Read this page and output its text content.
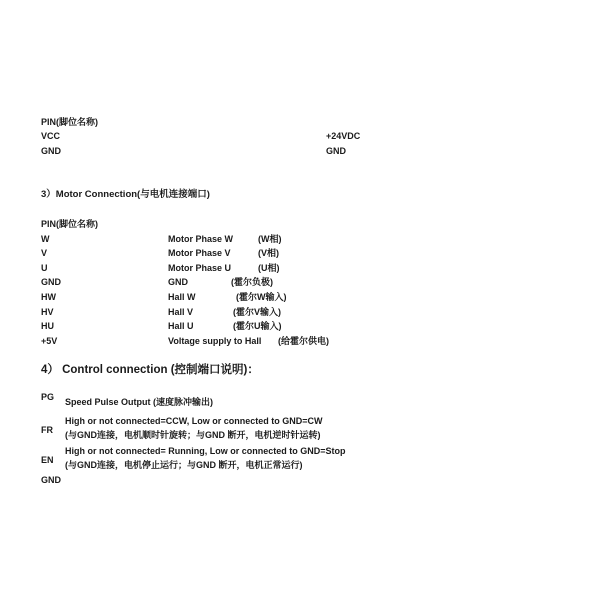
PIN(脚位名称)
VCC	+24VDC
GND	GND
3）Motor Connection(与电机连接端口)
PIN(脚位名称)
W	Motor Phase W	(W相)
V	Motor Phase V	(V相)
U	Motor Phase U	(U相)
GND	GND	(霍尔负极)
HW	Hall W	(霍尔W输入)
HV	Hall V	(霍尔V输入)
HU	Hall U	(霍尔U输入)
+5V	Voltage supply to Hall (给霍尔供电)
4） Control connection (控制端口说明)：
PG Speed Pulse Output (速度脉冲输出)
FR
High or not connected=CCW, Low or connected to GND=CW
(与GND连接，电机顺时针旋转；与GND 断开，电机逆时针运转)
EN
High or not connected= Running, Low or connected to GND=Stop
(与GND连接，电机停止运行；与GND 断开，电机正常运行)
GND
